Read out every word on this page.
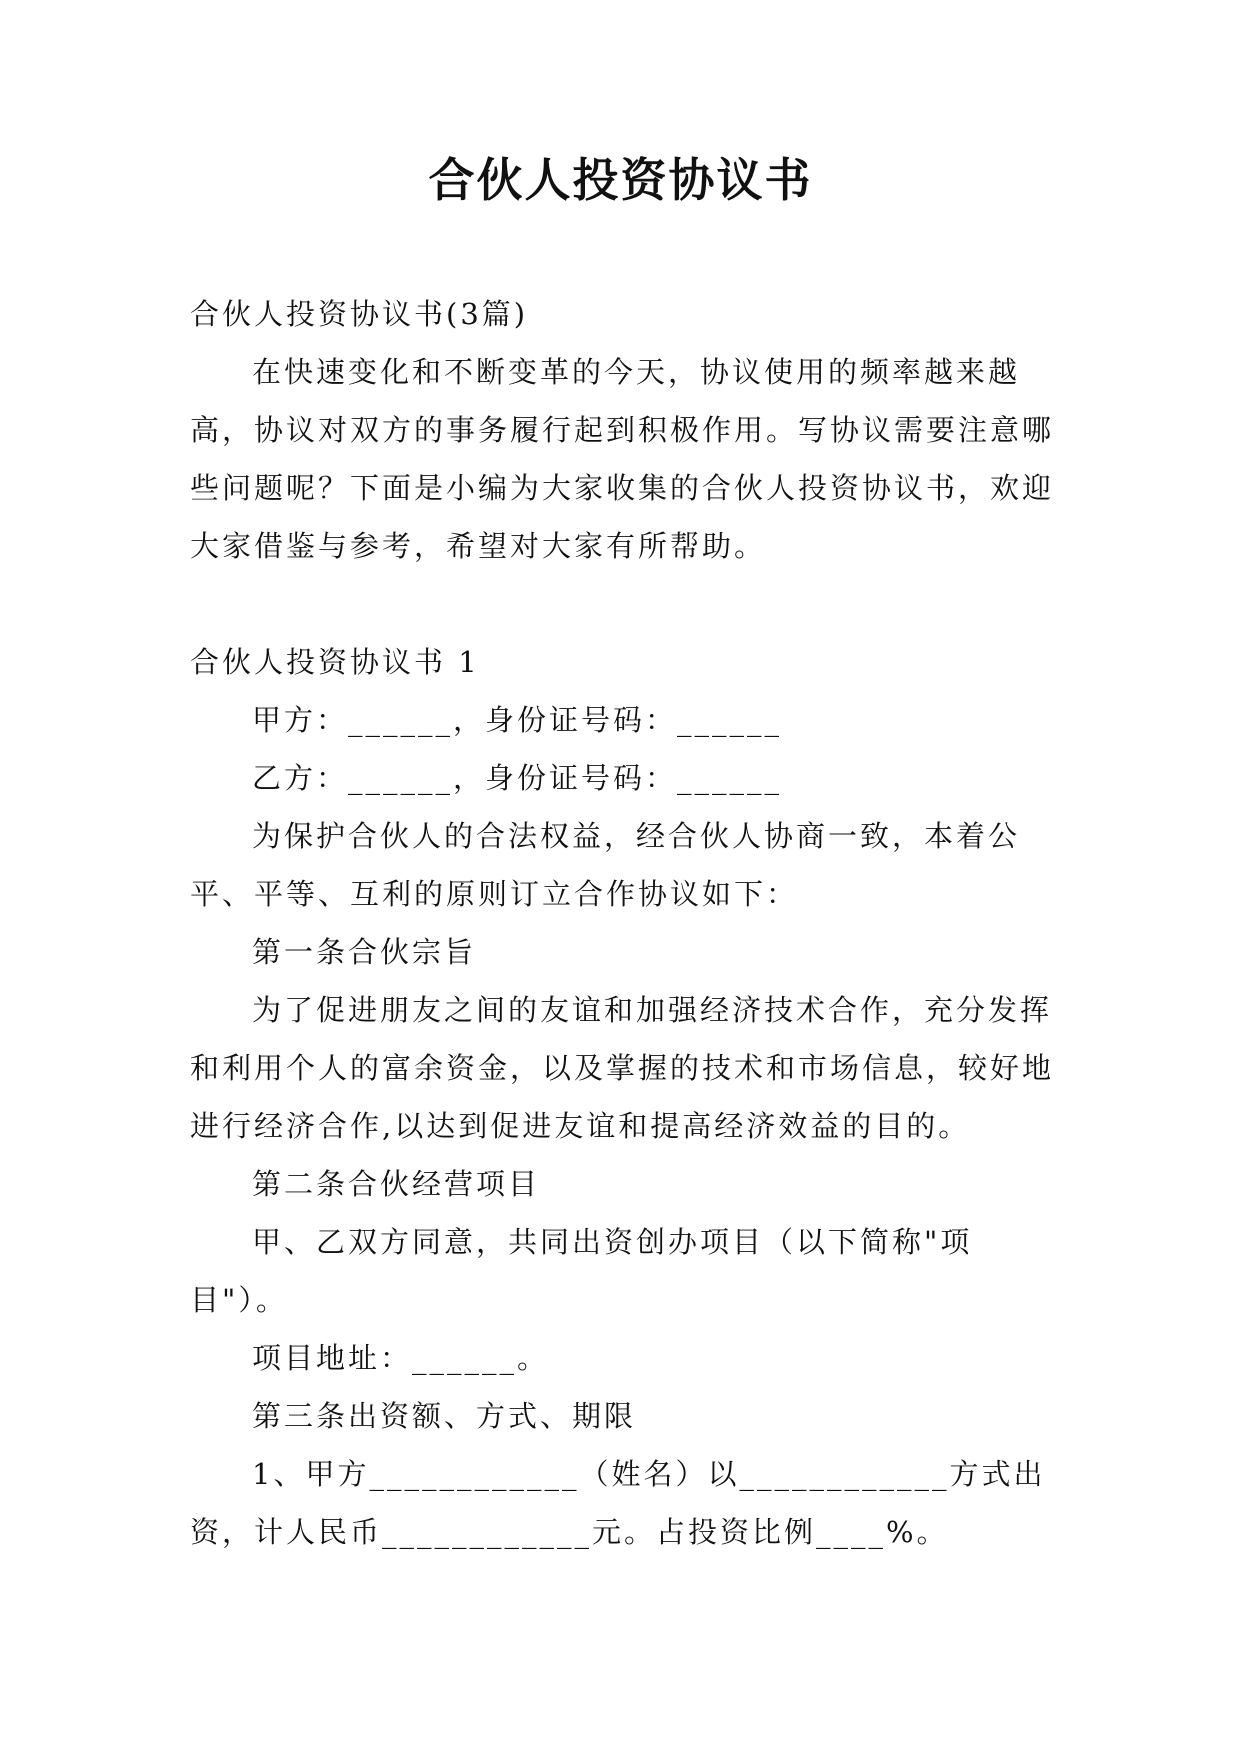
合伙人投资协议书

合伙人投资协议书(3篇)

在快速变化和不断变革的今天，协议使用的频率越来越高，协议对双方的事务履行起到积极作用。写协议需要注意哪些问题呢？下面是小编为大家收集的合伙人投资协议书，欢迎大家借鉴与参考，希望对大家有所帮助。

合伙人投资协议书 1

甲方：______，身份证号码：______

乙方：______，身份证号码：______

为保护合伙人的合法权益，经合伙人协商一致，本着公平、平等、互利的原则订立合作协议如下：

第一条合伙宗旨

为了促进朋友之间的友谊和加强经济技术合作，充分发挥和利用个人的富余资金，以及掌握的技术和市场信息，较好地进行经济合作,以达到促进友谊和提高经济效益的目的。

第二条合伙经营项目

甲、乙双方同意，共同出资创办项目（以下简称"项目"）。

项目地址：______。

第三条出资额、方式、期限

1、甲方____________（姓名）以____________方式出资，计人民币____________元。占投资比例____%。
